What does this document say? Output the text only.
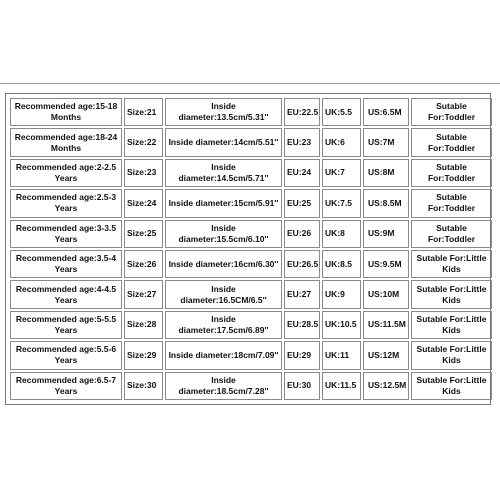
Recommended age:15-18 Months	Size:21	Inside diameter:13.5cm/5.31''	EU:22.5	UK:5.5	US:6.5M	Sutable For:Toddler
Recommended age:18-24 Months	Size:22	Inside diameter:14cm/5.51''	EU:23	UK:6	US:7M	Sutable For:Toddler
Recommended age:2-2.5 Years	Size:23	Inside diameter:14.5cm/5.71''	EU:24	UK:7	US:8M	Sutable For:Toddler
Recommended age:2.5-3 Years	Size:24	Inside diameter:15cm/5.91''	EU:25	UK:7.5	US:8.5M	Sutable For:Toddler
Recommended age:3-3.5 Years	Size:25	Inside diameter:15.5cm/6.10''	EU:26	UK:8	US:9M	Sutable For:Toddler
Recommended age:3.5-4 Years	Size:26	Inside diameter:16cm/6.30''	EU:26.5	UK:8.5	US:9.5M	Sutable For:Little Kids
Recommended age:4-4.5 Years	Size:27	Inside diameter:16.5CM/6.5''	EU:27	UK:9	US:10M	Sutable For:Little Kids
Recommended age:5-5.5 Years	Size:28	Inside diameter:17.5cm/6.89''	EU:28.5	UK:10.5	US:11.5M	Sutable For:Little Kids
Recommended age:5.5-6 Years	Size:29	Inside diameter:18cm/7.09''	EU:29	UK:11	US:12M	Sutable For:Little Kids
Recommended age:6.5-7 Years	Size:30	Inside diameter:18.5cm/7.28''	EU:30	UK:11.5	US:12.5M	Sutable For:Little Kids
